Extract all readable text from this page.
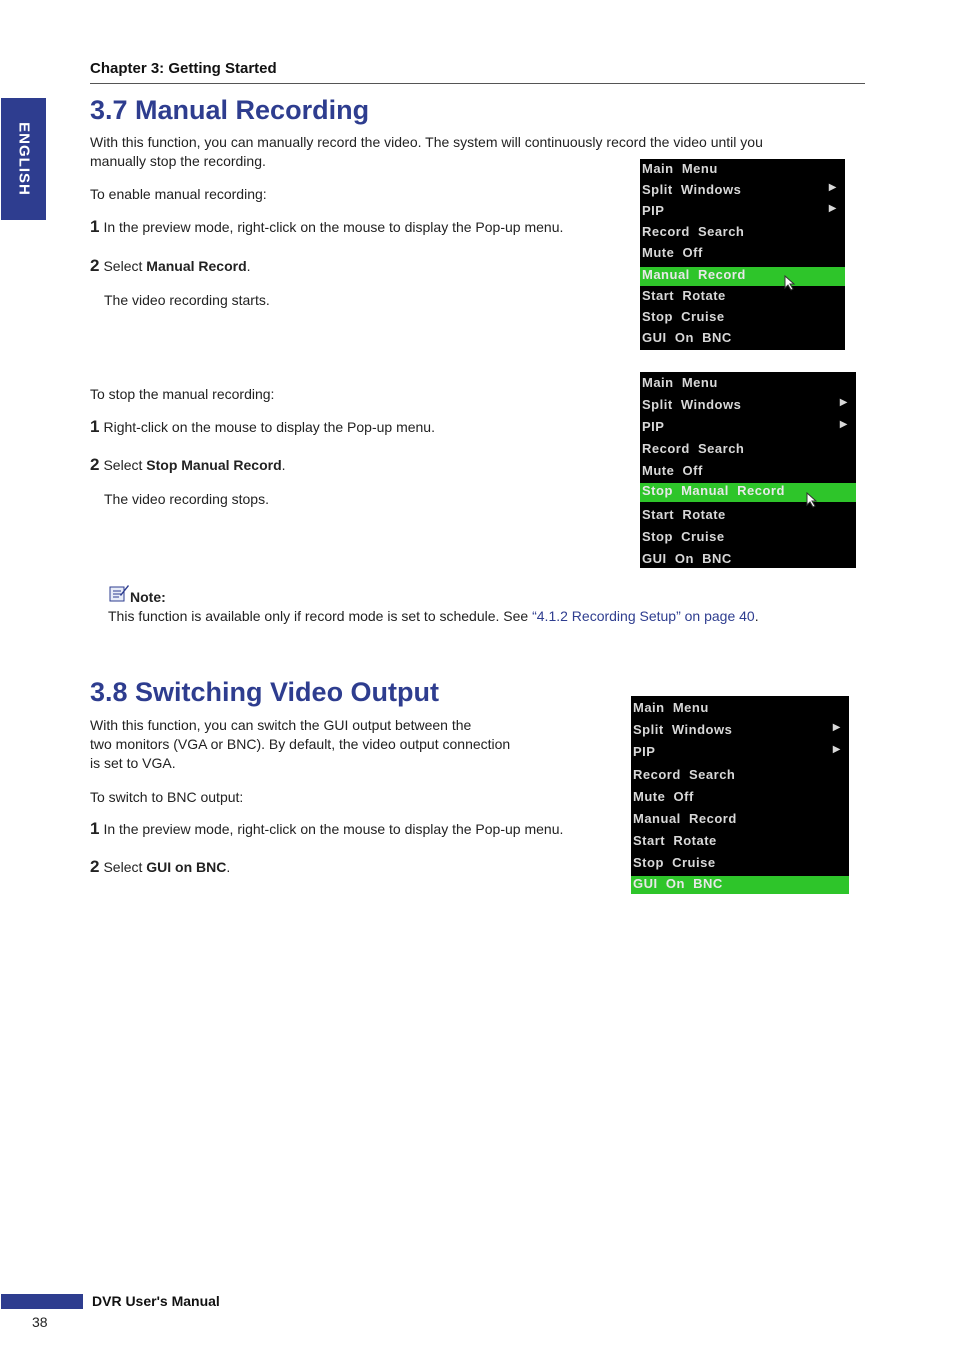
Chapter 3: Getting Started
ENGLISH
3.7 Manual Recording
With this function, you can manually record the video. The system will continuously record the video until you
manually stop the recording.
To enable manual recording:
1 In the preview mode, right-click on the mouse to display the Pop-up menu.
2 Select Manual Record.
The video recording starts.
Main  Menu
Split  Windows	▶
PIP	▶
Record  Search
Mute  Off
Manual  Record
Start  Rotate
Stop  Cruise
GUI  On  BNC
To stop the manual recording:
1 Right-click on the mouse to display the Pop-up menu.
2 Select Stop Manual Record.
The video recording stops.
Main  Menu
Split  Windows	▶
PIP	▶
Record  Search
Mute  Off
Stop  Manual  Record
Start  Rotate
Stop  Cruise
GUI  On  BNC
Note:
This function is available only if record mode is set to schedule. See “4.1.2 Recording Setup” on page 40.
3.8 Switching Video Output
With this function, you can switch the GUI output between the
two monitors (VGA or BNC). By default, the video output connection
is set to VGA.
To switch to BNC output:
1 In the preview mode, right-click on the mouse to display the Pop-up menu.
2 Select GUI on BNC.
Main  Menu
Split  Windows	▶
PIP	▶
Record  Search
Mute  Off
Manual  Record
Start  Rotate
Stop  Cruise
GUI  On  BNC
DVR User's Manual
38
